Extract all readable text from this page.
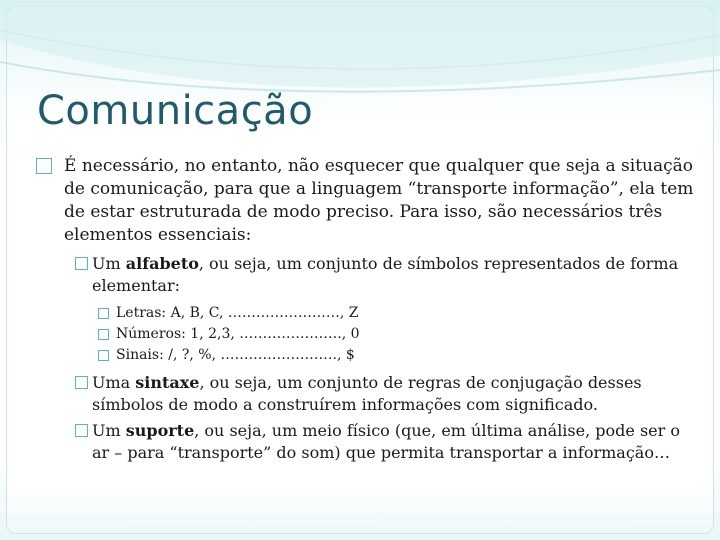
Comunicação
É necessário, no entanto, não esquecer que qualquer que seja a situação de comunicação, para que a linguagem “transporte informação”, ela tem de estar estruturada de modo preciso. Para isso, são necessários três elementos essenciais:
Um alfabeto, ou seja, um conjunto de símbolos representados de forma elementar:
Letras: A, B, C, ……………………, Z
Números: 1, 2,3, …………………., 0
Sinais: /, ?, %, ……………………., $
Uma sintaxe, ou seja, um conjunto de regras de conjugação desses símbolos de modo a construírem informações com significado.
Um suporte, ou seja, um meio físico (que, em última análise, pode ser o ar – para “transporte” do som) que permita transportar a informação…
